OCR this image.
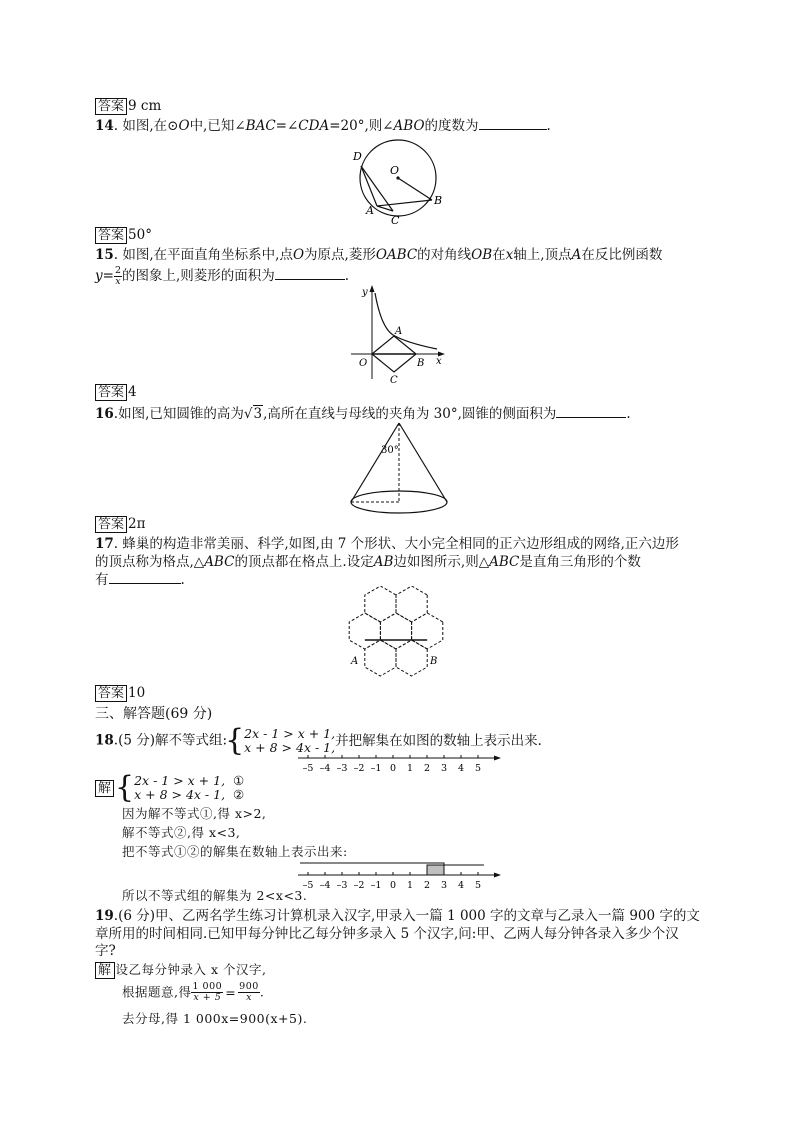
答案 9 cm
14. 如图,在⊙O中,已知∠BAC=∠CDA=20°,则∠ABO的度数为	.
D
O
A
C
B
答案 50°
15. 如图,在平面直角坐标系中,点O为原点,菱形OABC的对角线OB在x轴上,顶点A在反比例函数
$y= \frac{2}{x}$ 的图象上,则菱形的面积为	.
y
x
A
O	B
C
答案 4
16.如图,已知圆锥的高为√3,高所在直线与母线的夹角为 30°,圆锥的侧面积为	.
30°
答案 2π
17. 蜂巢的构造非常美丽、科学,如图,由 7 个形状、大小完全相同的正六边形组成的网络,正六边形
的顶点称为格点,△ABC的顶点都在格点上.设定AB边如图所示,则△ABC是直角三角形的个数
有	.
A	B
答案 10
三、解答题(69 分)
18.(5 分)解不等式组:{ 2x - 1 > x + 1,
x + 8 > 4x - 1, 并把解集在如图的数轴上表示出来.
–5 –4 –3 –2 –1 0 1 2 3 4 5
解 { 2x - 1 > x + 1, ①
x + 8 > 4x - 1, ②
因为解不等式①,得 x>2,
解不等式②,得 x<3,
把不等式①②的解集在数轴上表示出来:
–5 –4 –3 –2 –1 0 1 2 3 4 5
所以不等式组的解集为 2<x<3.
19.(6 分)甲、乙两名学生练习计算机录入汉字,甲录入一篇 1 000 字的文章与乙录入一篇 900 字的文
章所用的时间相同.已知甲每分钟比乙每分钟多录入 5 个汉字,问:甲、乙两人每分钟各录入多少个汉
字?
解 设乙每分钟录入 x 个汉字,
根据题意,得 $\frac{1 000}{x + 5} = \frac{900}{x}$ .
去分母,得 1 000x=900(x+5).
